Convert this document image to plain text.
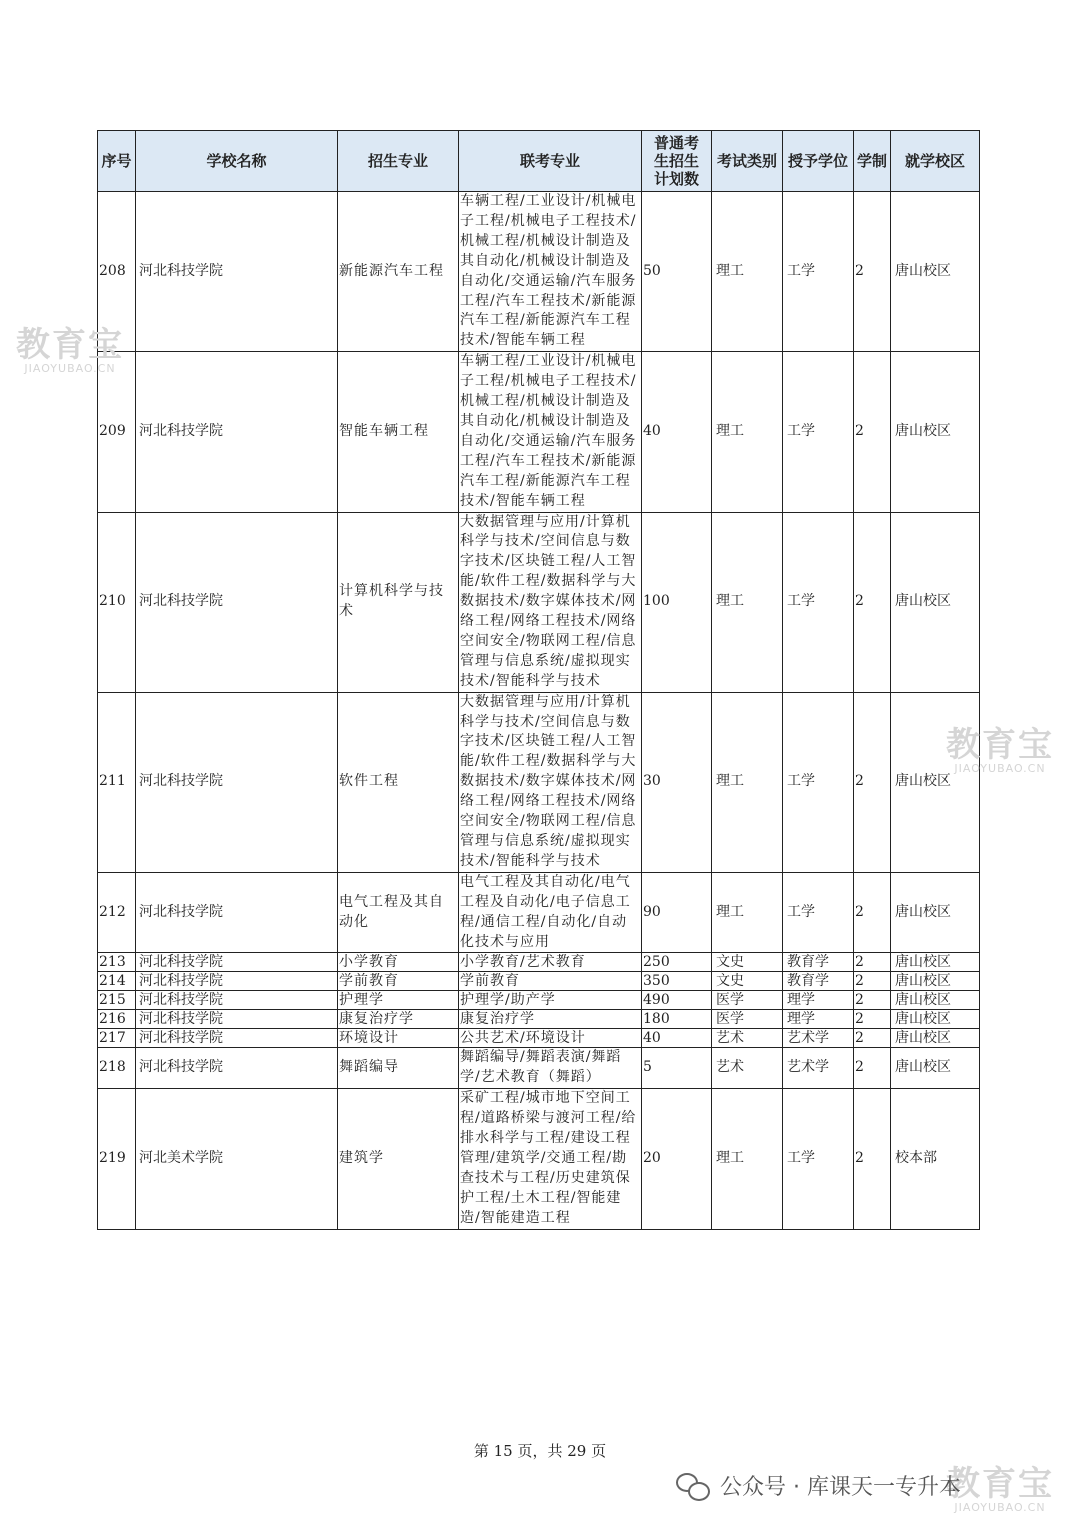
序号	学校名称	招生专业	联考专业	普通考生招生计划数	考试类别	授予学位	学制	就学校区
208	河北科技学院	新能源汽车工程	车辆工程/工业设计/机械电子工程/机械电子工程技术/机械工程/机械设计制造及其自动化/机械设计制造及自动化/交通运输/汽车服务工程/汽车工程技术/新能源汽车工程/新能源汽车工程技术/智能车辆工程	50	理工	工学	2	唐山校区
209	河北科技学院	智能车辆工程	车辆工程/工业设计/机械电子工程/机械电子工程技术/机械工程/机械设计制造及其自动化/机械设计制造及自动化/交通运输/汽车服务工程/汽车工程技术/新能源汽车工程/新能源汽车工程技术/智能车辆工程	40	理工	工学	2	唐山校区
210	河北科技学院	计算机科学与技术	大数据管理与应用/计算机科学与技术/空间信息与数字技术/区块链工程/人工智能/软件工程/数据科学与大数据技术/数字媒体技术/网络工程/网络工程技术/网络空间安全/物联网工程/信息管理与信息系统/虚拟现实技术/智能科学与技术	100	理工	工学	2	唐山校区
211	河北科技学院	软件工程	大数据管理与应用/计算机科学与技术/空间信息与数字技术/区块链工程/人工智能/软件工程/数据科学与大数据技术/数字媒体技术/网络工程/网络工程技术/网络空间安全/物联网工程/信息管理与信息系统/虚拟现实技术/智能科学与技术	30	理工	工学	2	唐山校区
212	河北科技学院	电气工程及其自动化	电气工程及其自动化/电气工程及自动化/电子信息工程/通信工程/自动化/自动化技术与应用	90	理工	工学	2	唐山校区
213	河北科技学院	小学教育	小学教育/艺术教育	250	文史	教育学	2	唐山校区
214	河北科技学院	学前教育	学前教育	350	文史	教育学	2	唐山校区
215	河北科技学院	护理学	护理学/助产学	490	医学	理学	2	唐山校区
216	河北科技学院	康复治疗学	康复治疗学	180	医学	理学	2	唐山校区
217	河北科技学院	环境设计	公共艺术/环境设计	40	艺术	艺术学	2	唐山校区
218	河北科技学院	舞蹈编导	舞蹈编导/舞蹈表演/舞蹈学/艺术教育（舞蹈）	5	艺术	艺术学	2	唐山校区
219	河北美术学院	建筑学	采矿工程/城市地下空间工程/道路桥梁与渡河工程/给排水科学与工程/建设工程管理/建筑学/交通工程/勘查技术与工程/历史建筑保护工程/土木工程/智能建造/智能建造工程	20	理工	工学	2	校本部
教育宝
JIAOYUBAO.CN
教育宝
JIAOYUBAO.CN
教育宝
JIAOYUBAO.CN
第 15 页，共 29 页
公众号 · 库课天一专升本
